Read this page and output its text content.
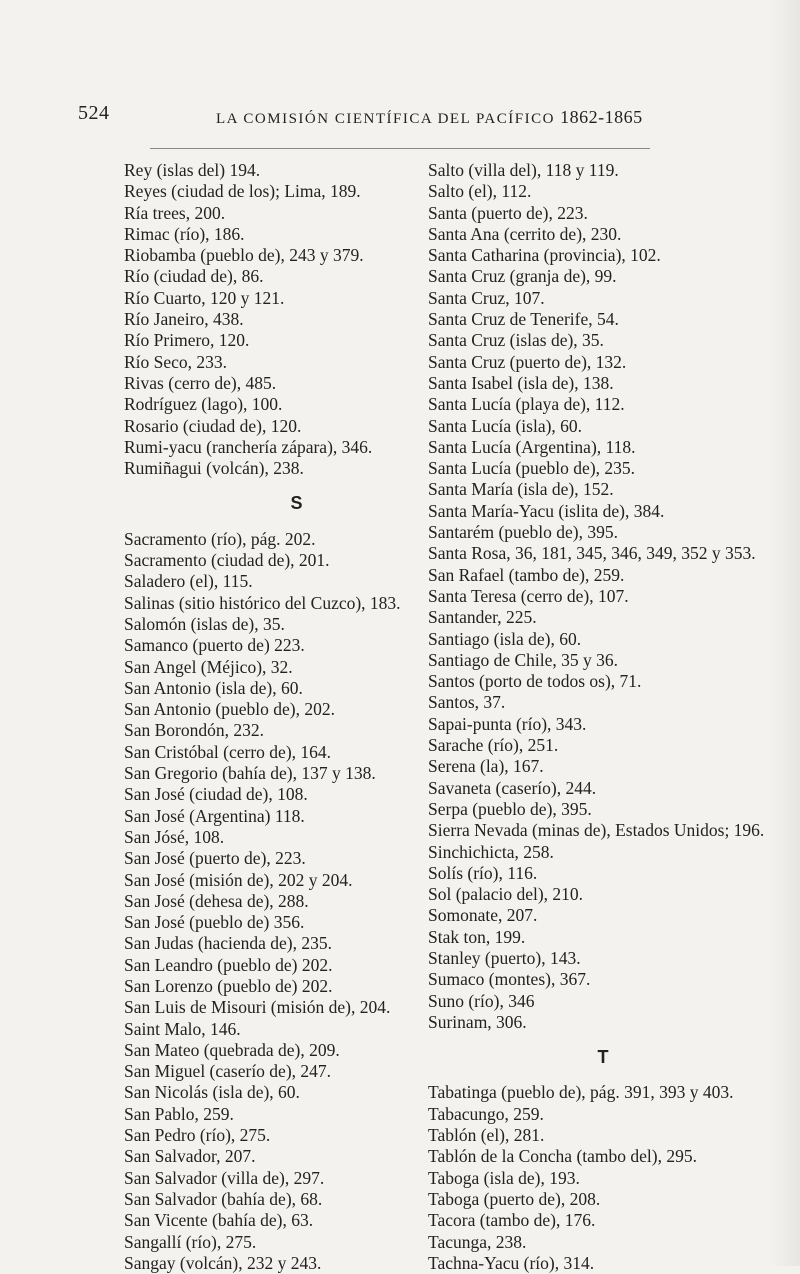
524	LA COMISIÓN CIENTÍFICA DEL PACÍFICO 1862-1865

Rey (islas del) 194.

Reyes (ciudad de los); Lima, 189.

Ría trees, 200.

Rimac (río), 186.

Riobamba (pueblo de), 243 y 379.

Río (ciudad de), 86.

Río Cuarto, 120 y 121.

Río Janeiro, 438.

Río Primero, 120.

Río Seco, 233.

Rivas (cerro de), 485.

Rodríguez (lago), 100.

Rosario (ciudad de), 120.

Rumi-yacu (ranchería zápara), 346.

Rumiñagui (volcán), 238.

S

Sacramento (río), pág. 202.

Sacramento (ciudad de), 201.

Saladero (el), 115.

Salinas (sitio histórico del Cuzco), 183.

Salomón (islas de), 35.

Samanco (puerto de) 223.

San Angel (Méjico), 32.

San Antonio (isla de), 60.

San Antonio (pueblo de), 202.

San Borondón, 232.

San Cristóbal (cerro de), 164.

San Gregorio (bahía de), 137 y 138.

San José (ciudad de), 108.

San José (Argentina) 118.

San Jósé, 108.

San José (puerto de), 223.

San José (misión de), 202 y 204.

San José (dehesa de), 288.

San José (pueblo de) 356.

San Judas (hacienda de), 235.

San Leandro (pueblo de) 202.

San Lorenzo (pueblo de) 202.

San Luis de Misouri (misión de), 204.

Saint Malo, 146.

San Mateo (quebrada de), 209.

San Miguel (caserío de), 247.

San Nicolás (isla de), 60.

San Pablo, 259.

San Pedro (río), 275.

San Salvador, 207.

San Salvador (villa de), 297.

San Salvador (bahía de), 68.

San Vicente (bahía de), 63.

Sangallí (río), 275.

Sangay (volcán), 232 y 243.

Salto (villa del), 118 y 119.

Salto (el), 112.

Santa (puerto de), 223.

Santa Ana (cerrito de), 230.

Santa Catharina (provincia), 102.

Santa Cruz (granja de), 99.

Santa Cruz, 107.

Santa Cruz de Tenerife, 54.

Santa Cruz (islas de), 35.

Santa Cruz (puerto de), 132.

Santa Isabel (isla de), 138.

Santa Lucía (playa de), 112.

Santa Lucía (isla), 60.

Santa Lucía (Argentina), 118.

Santa Lucía (pueblo de), 235.

Santa María (isla de), 152.

Santa María-Yacu (islita de), 384.

Santarém (pueblo de), 395.

Santa Rosa, 36, 181, 345, 346, 349, 352 y 353.

San Rafael (tambo de), 259.

Santa Teresa (cerro de), 107.

Santander, 225.

Santiago (isla de), 60.

Santiago de Chile, 35 y 36.

Santos (porto de todos os), 71.

Santos, 37.

Sapai-punta (río), 343.

Sarache (río), 251.

Serena (la), 167.

Savaneta (caserío), 244.

Serpa (pueblo de), 395.

Sierra Nevada (minas de), Estados Unidos; 196.

Sinchichicta, 258.

Solís (río), 116.

Sol (palacio del), 210.

Somonate, 207.

Stak ton, 199.

Stanley (puerto), 143.

Sumaco (montes), 367.

Suno (río), 346

Surinam, 306.

T

Tabatinga (pueblo de), pág. 391, 393 y 403.

Tabacungo, 259.

Tablón (el), 281.

Tablón de la Concha (tambo del), 295.

Taboga (isla de), 193.

Taboga (puerto de), 208.

Tacora (tambo de), 176.

Tacunga, 238.

Tachna-Yacu (río), 314.
